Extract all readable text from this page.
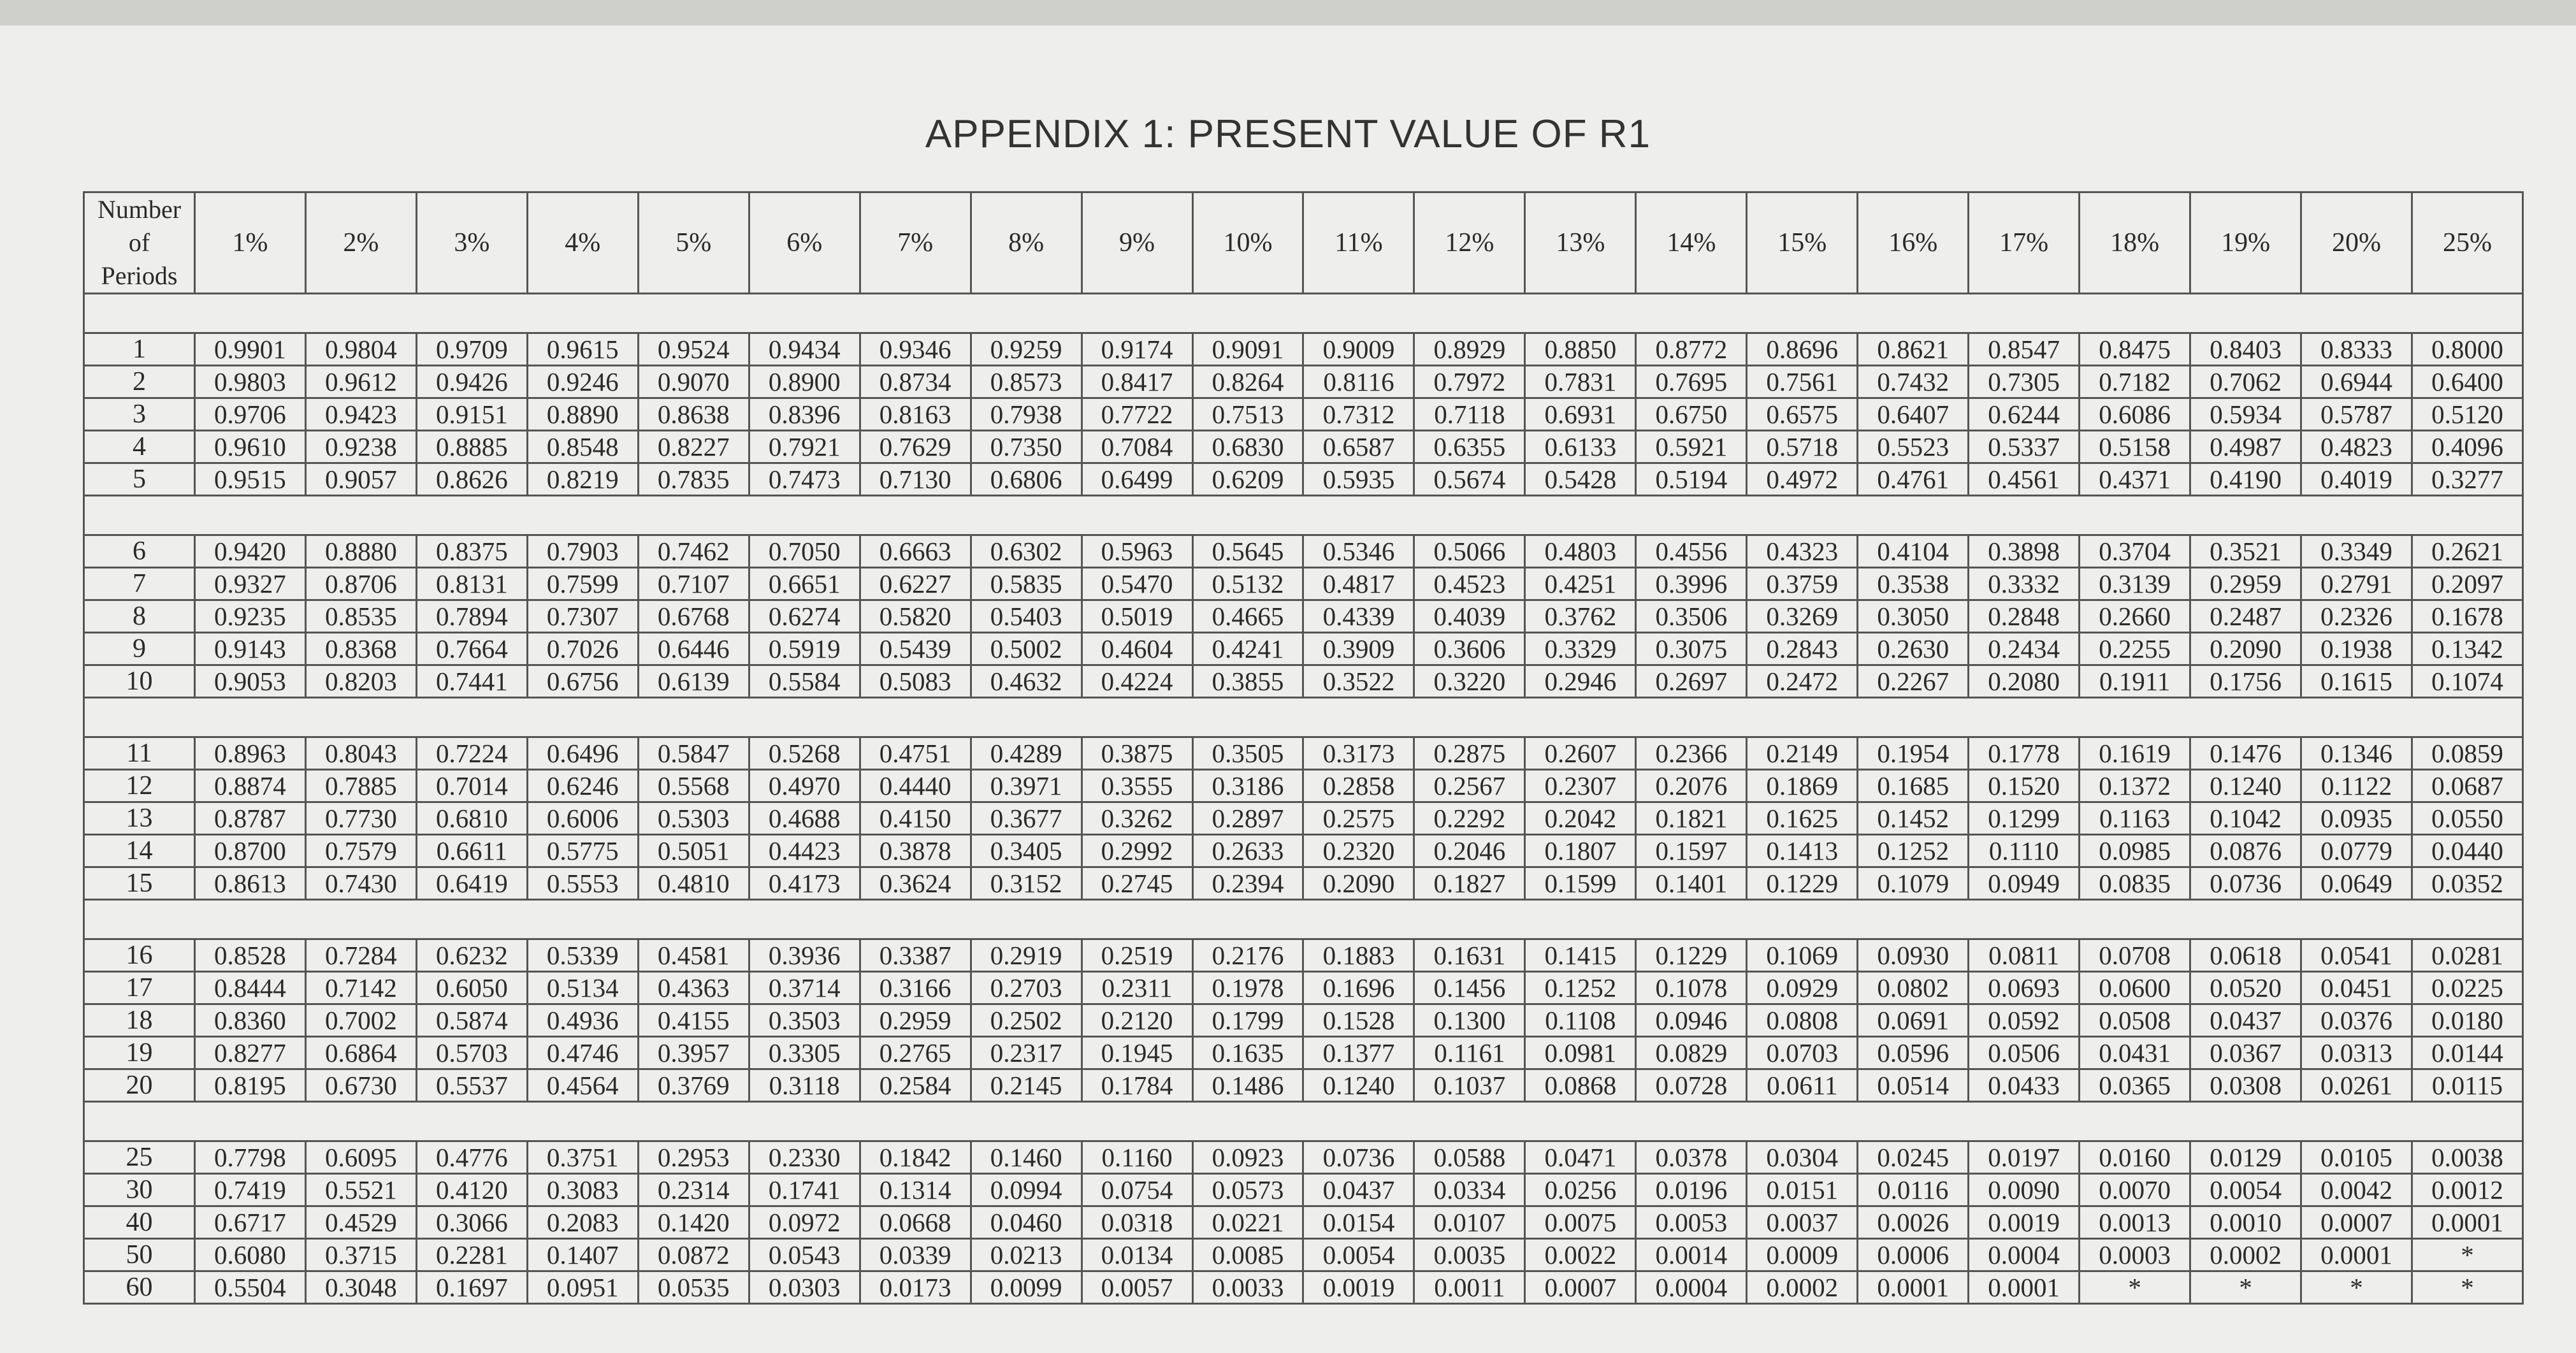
APPENDIX 1: PRESENT VALUE OF R1
Number
of
Periods	1%	2%	3%	4%	5%	6%	7%	8%	9%	10%	11%	12%	13%	14%	15%	16%	17%	18%	19%	20%	25%

1	0.9901	0.9804	0.9709	0.9615	0.9524	0.9434	0.9346	0.9259	0.9174	0.9091	0.9009	0.8929	0.8850	0.8772	0.8696	0.8621	0.8547	0.8475	0.8403	0.8333	0.8000
2	0.9803	0.9612	0.9426	0.9246	0.9070	0.8900	0.8734	0.8573	0.8417	0.8264	0.8116	0.7972	0.7831	0.7695	0.7561	0.7432	0.7305	0.7182	0.7062	0.6944	0.6400
3	0.9706	0.9423	0.9151	0.8890	0.8638	0.8396	0.8163	0.7938	0.7722	0.7513	0.7312	0.7118	0.6931	0.6750	0.6575	0.6407	0.6244	0.6086	0.5934	0.5787	0.5120
4	0.9610	0.9238	0.8885	0.8548	0.8227	0.7921	0.7629	0.7350	0.7084	0.6830	0.6587	0.6355	0.6133	0.5921	0.5718	0.5523	0.5337	0.5158	0.4987	0.4823	0.4096
5	0.9515	0.9057	0.8626	0.8219	0.7835	0.7473	0.7130	0.6806	0.6499	0.6209	0.5935	0.5674	0.5428	0.5194	0.4972	0.4761	0.4561	0.4371	0.4190	0.4019	0.3277

6	0.9420	0.8880	0.8375	0.7903	0.7462	0.7050	0.6663	0.6302	0.5963	0.5645	0.5346	0.5066	0.4803	0.4556	0.4323	0.4104	0.3898	0.3704	0.3521	0.3349	0.2621
7	0.9327	0.8706	0.8131	0.7599	0.7107	0.6651	0.6227	0.5835	0.5470	0.5132	0.4817	0.4523	0.4251	0.3996	0.3759	0.3538	0.3332	0.3139	0.2959	0.2791	0.2097
8	0.9235	0.8535	0.7894	0.7307	0.6768	0.6274	0.5820	0.5403	0.5019	0.4665	0.4339	0.4039	0.3762	0.3506	0.3269	0.3050	0.2848	0.2660	0.2487	0.2326	0.1678
9	0.9143	0.8368	0.7664	0.7026	0.6446	0.5919	0.5439	0.5002	0.4604	0.4241	0.3909	0.3606	0.3329	0.3075	0.2843	0.2630	0.2434	0.2255	0.2090	0.1938	0.1342
10	0.9053	0.8203	0.7441	0.6756	0.6139	0.5584	0.5083	0.4632	0.4224	0.3855	0.3522	0.3220	0.2946	0.2697	0.2472	0.2267	0.2080	0.1911	0.1756	0.1615	0.1074

11	0.8963	0.8043	0.7224	0.6496	0.5847	0.5268	0.4751	0.4289	0.3875	0.3505	0.3173	0.2875	0.2607	0.2366	0.2149	0.1954	0.1778	0.1619	0.1476	0.1346	0.0859
12	0.8874	0.7885	0.7014	0.6246	0.5568	0.4970	0.4440	0.3971	0.3555	0.3186	0.2858	0.2567	0.2307	0.2076	0.1869	0.1685	0.1520	0.1372	0.1240	0.1122	0.0687
13	0.8787	0.7730	0.6810	0.6006	0.5303	0.4688	0.4150	0.3677	0.3262	0.2897	0.2575	0.2292	0.2042	0.1821	0.1625	0.1452	0.1299	0.1163	0.1042	0.0935	0.0550
14	0.8700	0.7579	0.6611	0.5775	0.5051	0.4423	0.3878	0.3405	0.2992	0.2633	0.2320	0.2046	0.1807	0.1597	0.1413	0.1252	0.1110	0.0985	0.0876	0.0779	0.0440
15	0.8613	0.7430	0.6419	0.5553	0.4810	0.4173	0.3624	0.3152	0.2745	0.2394	0.2090	0.1827	0.1599	0.1401	0.1229	0.1079	0.0949	0.0835	0.0736	0.0649	0.0352

16	0.8528	0.7284	0.6232	0.5339	0.4581	0.3936	0.3387	0.2919	0.2519	0.2176	0.1883	0.1631	0.1415	0.1229	0.1069	0.0930	0.0811	0.0708	0.0618	0.0541	0.0281
17	0.8444	0.7142	0.6050	0.5134	0.4363	0.3714	0.3166	0.2703	0.2311	0.1978	0.1696	0.1456	0.1252	0.1078	0.0929	0.0802	0.0693	0.0600	0.0520	0.0451	0.0225
18	0.8360	0.7002	0.5874	0.4936	0.4155	0.3503	0.2959	0.2502	0.2120	0.1799	0.1528	0.1300	0.1108	0.0946	0.0808	0.0691	0.0592	0.0508	0.0437	0.0376	0.0180
19	0.8277	0.6864	0.5703	0.4746	0.3957	0.3305	0.2765	0.2317	0.1945	0.1635	0.1377	0.1161	0.0981	0.0829	0.0703	0.0596	0.0506	0.0431	0.0367	0.0313	0.0144
20	0.8195	0.6730	0.5537	0.4564	0.3769	0.3118	0.2584	0.2145	0.1784	0.1486	0.1240	0.1037	0.0868	0.0728	0.0611	0.0514	0.0433	0.0365	0.0308	0.0261	0.0115

25	0.7798	0.6095	0.4776	0.3751	0.2953	0.2330	0.1842	0.1460	0.1160	0.0923	0.0736	0.0588	0.0471	0.0378	0.0304	0.0245	0.0197	0.0160	0.0129	0.0105	0.0038
30	0.7419	0.5521	0.4120	0.3083	0.2314	0.1741	0.1314	0.0994	0.0754	0.0573	0.0437	0.0334	0.0256	0.0196	0.0151	0.0116	0.0090	0.0070	0.0054	0.0042	0.0012
40	0.6717	0.4529	0.3066	0.2083	0.1420	0.0972	0.0668	0.0460	0.0318	0.0221	0.0154	0.0107	0.0075	0.0053	0.0037	0.0026	0.0019	0.0013	0.0010	0.0007	0.0001
50	0.6080	0.3715	0.2281	0.1407	0.0872	0.0543	0.0339	0.0213	0.0134	0.0085	0.0054	0.0035	0.0022	0.0014	0.0009	0.0006	0.0004	0.0003	0.0002	0.0001	*
60	0.5504	0.3048	0.1697	0.0951	0.0535	0.0303	0.0173	0.0099	0.0057	0.0033	0.0019	0.0011	0.0007	0.0004	0.0002	0.0001	0.0001	*	*	*	*
